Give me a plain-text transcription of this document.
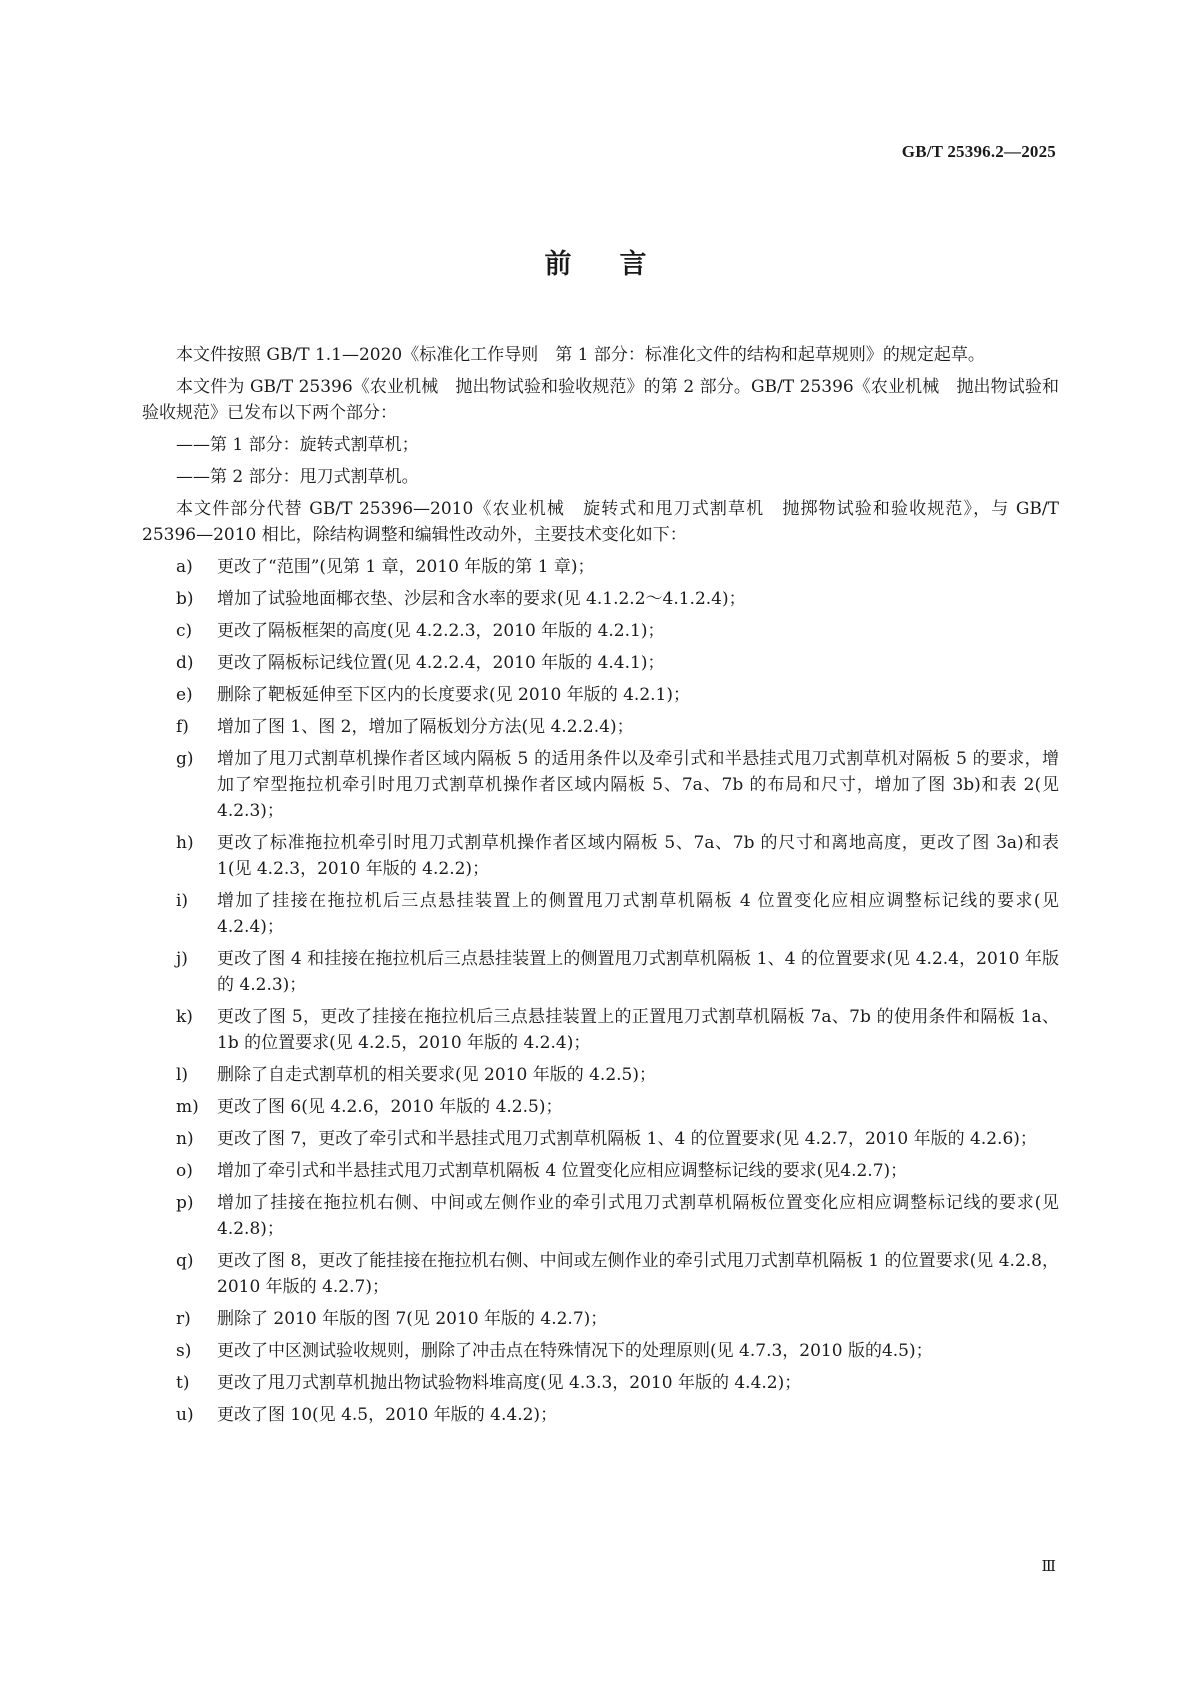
GB/T 25396.2—2025
前言

本文件按照 GB/T 1.1—2020《标准化工作导则　第 1 部分：标准化文件的结构和起草规则》的规定起草。

本文件为 GB/T 25396《农业机械　抛出物试验和验收规范》的第 2 部分。GB/T 25396《农业机械　抛出物试验和验收规范》已发布以下两个部分：

——第 1 部分：旋转式割草机；

——第 2 部分：甩刀式割草机。

本文件部分代替 GB/T 25396—2010《农业机械　旋转式和甩刀式割草机　抛掷物试验和验收规范》，与 GB/T 25396—2010 相比，除结构调整和编辑性改动外，主要技术变化如下：

a) 更改了“范围”(见第 1 章，2010 年版的第 1 章)；
b) 增加了试验地面椰衣垫、沙层和含水率的要求(见 4.1.2.2～4.1.2.4)；
c) 更改了隔板框架的高度(见 4.2.2.3，2010 年版的 4.2.1)；
d) 更改了隔板标记线位置(见 4.2.2.4，2010 年版的 4.4.1)；
e) 删除了靶板延伸至下区内的长度要求(见 2010 年版的 4.2.1)；
f) 增加了图 1、图 2，增加了隔板划分方法(见 4.2.2.4)；
g) 增加了甩刀式割草机操作者区域内隔板 5 的适用条件以及牵引式和半悬挂式甩刀式割草机对隔板 5 的要求，增加了窄型拖拉机牵引时甩刀式割草机操作者区域内隔板 5、7a、7b 的布局和尺寸，增加了图 3b)和表 2(见 4.2.3)；
h) 更改了标准拖拉机牵引时甩刀式割草机操作者区域内隔板 5、7a、7b 的尺寸和离地高度，更改了图 3a)和表 1(见 4.2.3，2010 年版的 4.2.2)；
i) 增加了挂接在拖拉机后三点悬挂装置上的侧置甩刀式割草机隔板 4 位置变化应相应调整标记线的要求(见 4.2.4)；
j) 更改了图 4 和挂接在拖拉机后三点悬挂装置上的侧置甩刀式割草机隔板 1、4 的位置要求(见 4.2.4，2010 年版的 4.2.3)；
k) 更改了图 5，更改了挂接在拖拉机后三点悬挂装置上的正置甩刀式割草机隔板 7a、7b 的使用条件和隔板 1a、1b 的位置要求(见 4.2.5，2010 年版的 4.2.4)；
l) 删除了自走式割草机的相关要求(见 2010 年版的 4.2.5)；
m) 更改了图 6(见 4.2.6，2010 年版的 4.2.5)；
n) 更改了图 7，更改了牵引式和半悬挂式甩刀式割草机隔板 1、4 的位置要求(见 4.2.7，2010 年版的 4.2.6)；
o) 增加了牵引式和半悬挂式甩刀式割草机隔板 4 位置变化应相应调整标记线的要求(见4.2.7)；
p) 增加了挂接在拖拉机右侧、中间或左侧作业的牵引式甩刀式割草机隔板位置变化应相应调整标记线的要求(见 4.2.8)；
q) 更改了图 8，更改了能挂接在拖拉机右侧、中间或左侧作业的牵引式甩刀式割草机隔板 1 的位置要求(见 4.2.8，2010 年版的 4.2.7)；
r) 删除了 2010 年版的图 7(见 2010 年版的 4.2.7)；
s) 更改了中区测试验收规则，删除了冲击点在特殊情况下的处理原则(见 4.7.3，2010 版的4.5)；
t) 更改了甩刀式割草机抛出物试验物料堆高度(见 4.3.3，2010 年版的 4.4.2)；
u) 更改了图 10(见 4.5，2010 年版的 4.4.2)；
Ⅲ
